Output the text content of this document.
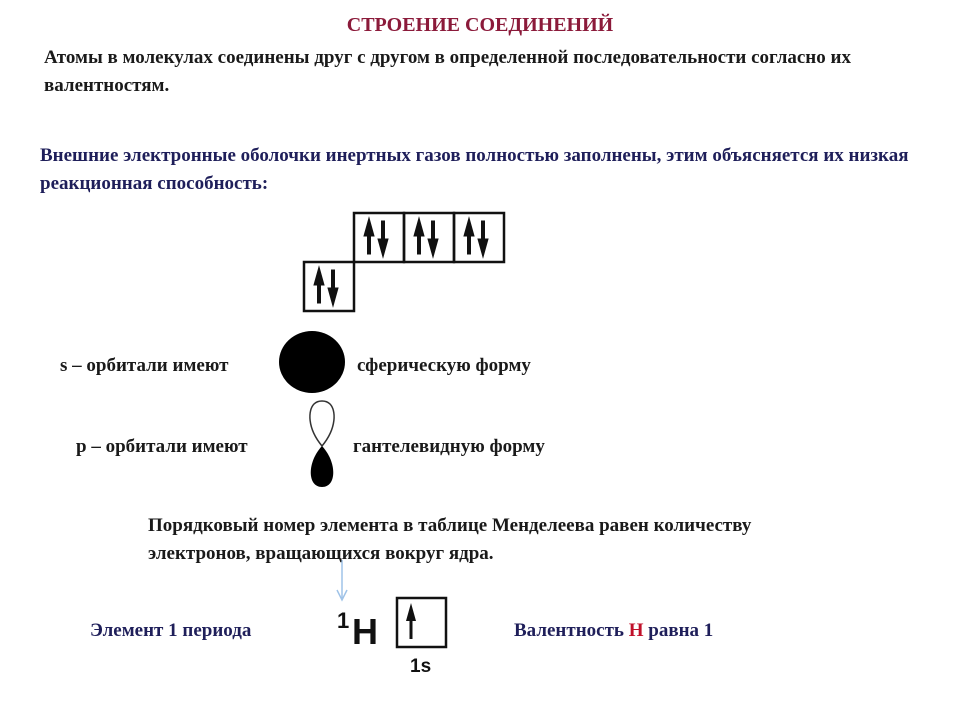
СТРОЕНИЕ СОЕДИНЕНИЙ
Атомы в молекулах соединены друг с другом в определенной последовательности согласно их валентностям.
Внешние электронные оболочки инертных газов полностью заполнены, этим объясняется их низкая реакционная способность:
s – орбитали имеют	сферическую форму
р – орбитали имеют	гантелевидную форму
Порядковый номер элемента в таблице Менделеева равен количеству электронов, вращающихся вокруг ядра.
Элемент 1 периода	1 H
1s
Валентность Н равна 1
